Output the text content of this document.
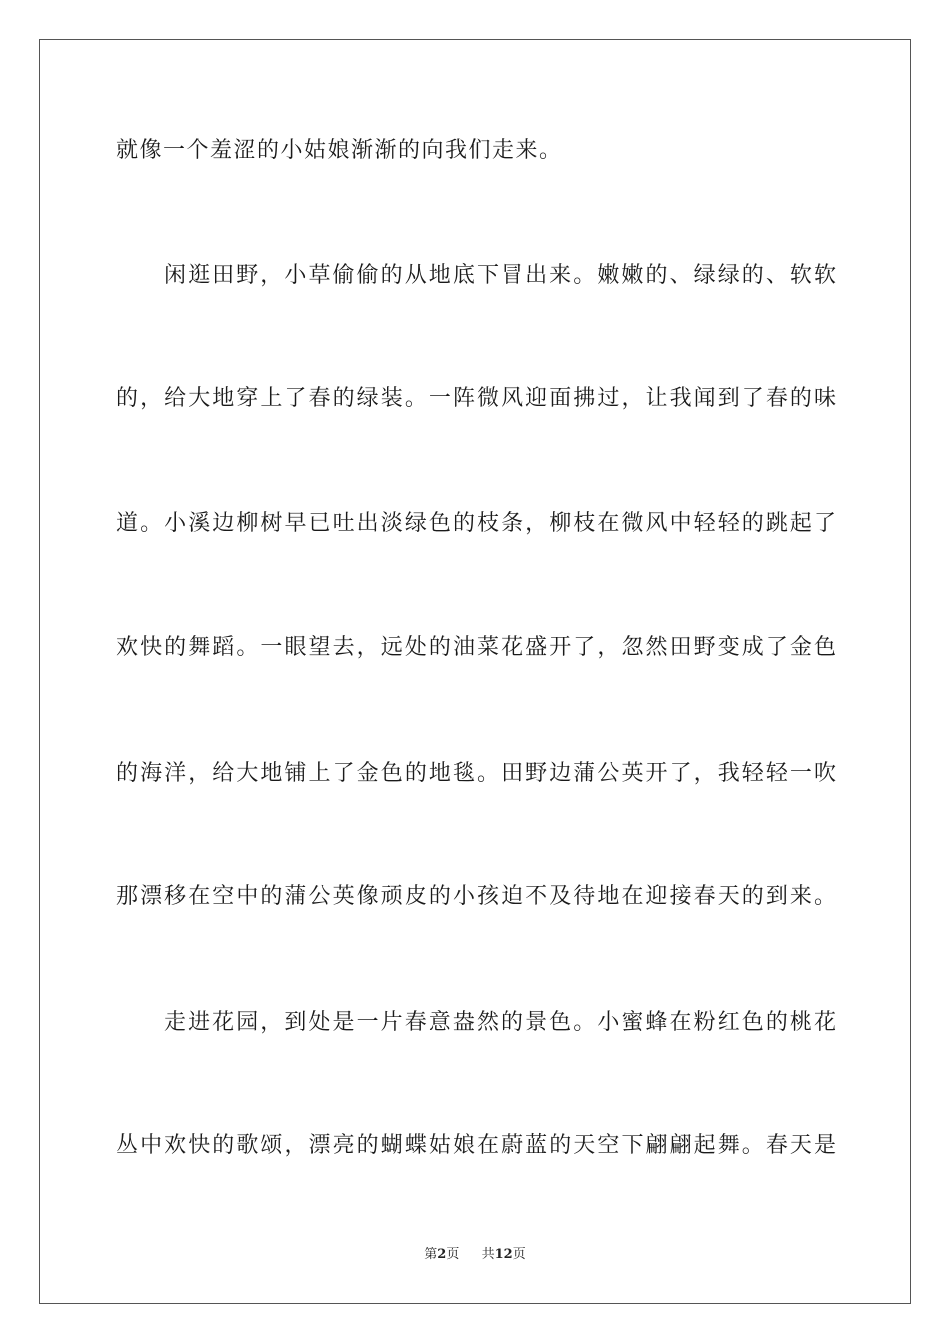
就像一个羞涩的小姑娘渐渐的向我们走来。
闲逛田野，小草偷偷的从地底下冒出来。嫩嫩的、绿绿的、软软
的，给大地穿上了春的绿装。一阵微风迎面拂过，让我闻到了春的味
道。小溪边柳树早已吐出淡绿色的枝条，柳枝在微风中轻轻的跳起了
欢快的舞蹈。一眼望去，远处的油菜花盛开了，忽然田野变成了金色
的海洋，给大地铺上了金色的地毯。田野边蒲公英开了，我轻轻一吹
那漂移在空中的蒲公英像顽皮的小孩迫不及待地在迎接春天的到来。
走进花园，到处是一片春意盎然的景色。小蜜蜂在粉红色的桃花
丛中欢快的歌颂，漂亮的蝴蝶姑娘在蔚蓝的天空下翩翩起舞。春天是
第2页 共12页
